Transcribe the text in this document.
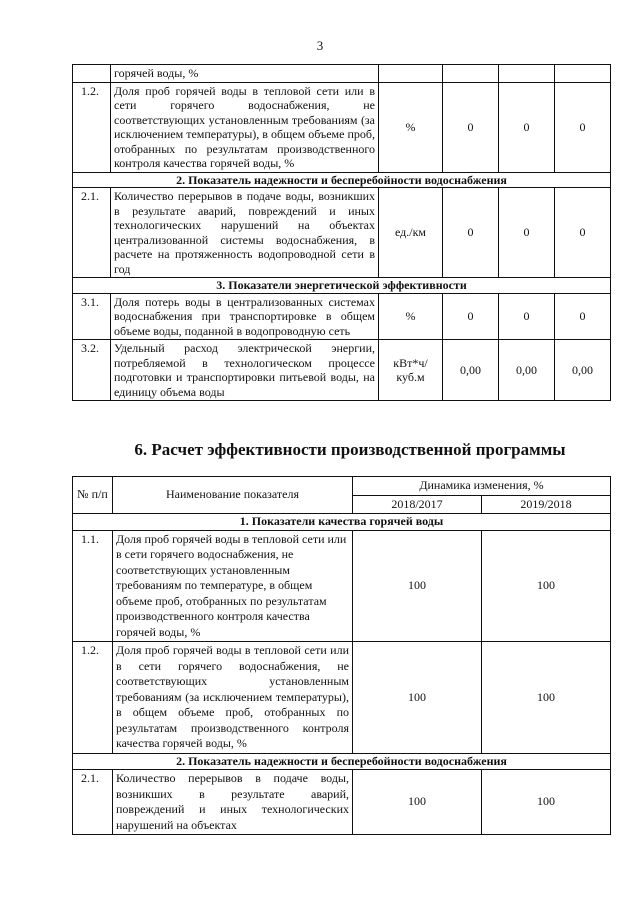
3
	горячей воды, %				
1.2.	Доля проб горячей воды в тепловой сети или в сети горячего водоснабжения, не соответствующих установленным требованиям (за исключением температуры), в общем объеме проб, отобранных по результатам производственного контроля качества горячей воды, %	%	0	0	0
2. Показатель надежности и бесперебойности водоснабжения					
2.1.	Количество перерывов в подаче воды, возникших в результате аварий, повреждений и иных технологических нарушений на объектах централизованной системы водоснабжения, в расчете на протяженность водопроводной сети в год	ед./км	0	0	0
3. Показатели энергетической эффективности					
3.1.	Доля потерь воды в централизованных системах водоснабжения при транспортировке в общем объеме воды, поданной в водопроводную сеть	%	0	0	0
3.2.	Удельный расход электрической энергии, потребляемой в технологическом процессе подготовки и транспортировки питьевой воды, на единицу объема воды	кВт*ч/куб.м	0,00	0,00	0,00
6. Расчет эффективности производственной программы
№ п/п	Наименование показателя	Динамика изменения, %	
		2018/2017	2019/2018
1. Показатели качества горячей воды			
1.1.	Доля проб горячей воды в тепловой сети или в сети горячего водоснабжения, не соответствующих установленным требованиям по температуре, в общем объеме проб, отобранных по результатам производственного контроля качества горячей воды, %	100	100
1.2.	Доля проб горячей воды в тепловой сети или в сети горячего водоснабжения, не соответствующих установленным требованиям (за исключением температуры), в общем объеме проб, отобранных по результатам производственного контроля качества горячей воды, %	100	100
2. Показатель надежности и бесперебойности водоснабжения			
2.1.	Количество перерывов в подаче воды, возникших в результате аварий, повреждений и иных технологических нарушений на объектах	100	100
